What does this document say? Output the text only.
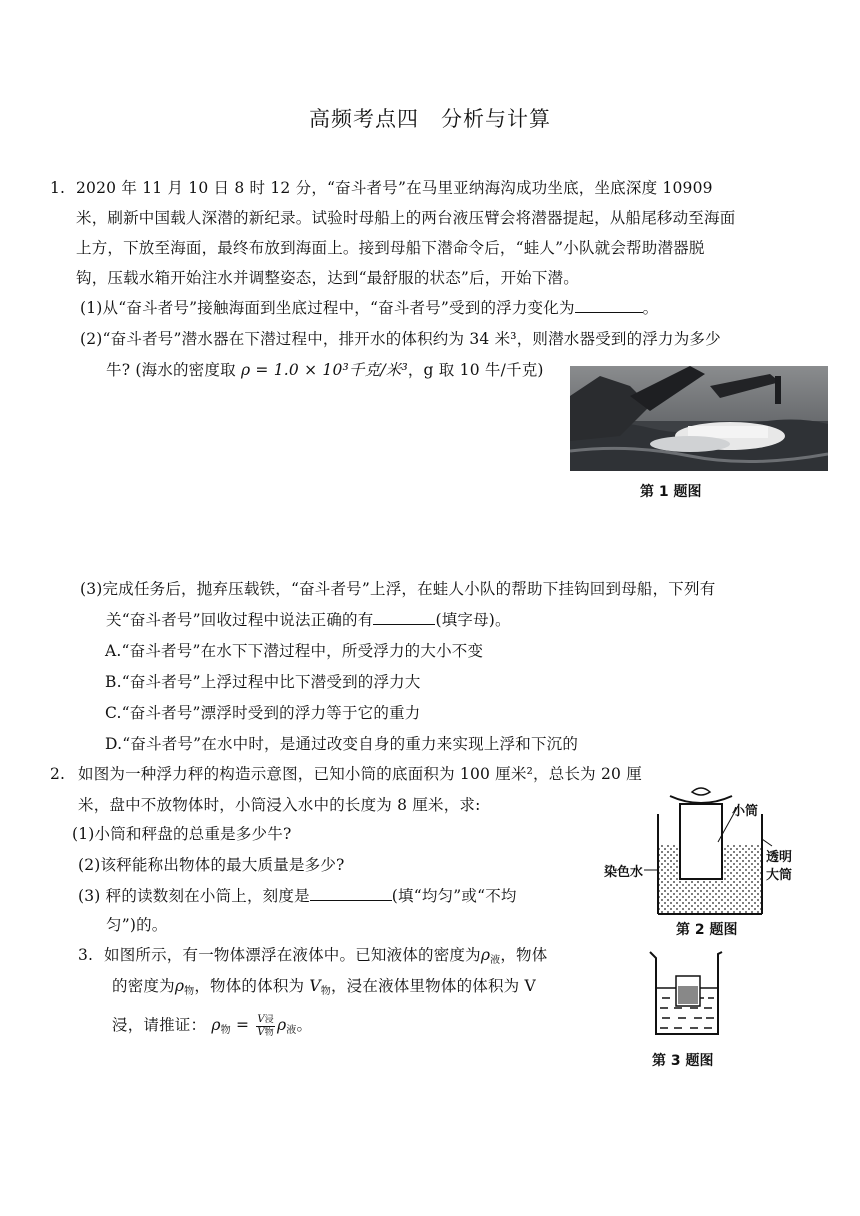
高频考点四　分析与计算
1. 2020 年 11 月 10 日 8 时 12 分，“奋斗者号”在马里亚纳海沟成功坐底，坐底深度 10909
米，刷新中国载人深潜的新纪录。试验时母船上的两台液压臂会将潜器提起，从船尾移动至海面
上方，下放至海面，最终布放到海面上。接到母船下潜命令后，“蛙人”小队就会帮助潜器脱
钩，压载水箱开始注水并调整姿态，达到“最舒服的状态”后，开始下潜。
(1)从“奋斗者号”接触海面到坐底过程中，“奋斗者号”受到的浮力变化为	。
(2)“奋斗者号”潜水器在下潜过程中，排开水的体积约为 34 米³，则潜水器受到的浮力为多少
牛? (海水的密度取 ρ = 1.0 × 10³千克/米³，g 取 10 牛/千克)
第 1 题图
(3)完成任务后，抛弃压载铁，“奋斗者号”上浮，在蛙人小队的帮助下挂钩回到母船，下列有
关“奋斗者号”回收过程中说法正确的有	(填字母)。
A.“奋斗者号”在水下下潜过程中，所受浮力的大小不变
B.“奋斗者号”上浮过程中比下潜受到的浮力大
C.“奋斗者号”漂浮时受到的浮力等于它的重力
D.“奋斗者号”在水中时，是通过改变自身的重力来实现上浮和下沉的
2. 如图为一种浮力秤的构造示意图，已知小筒的底面积为 100 厘米²，总长为 20 厘
米，盘中不放物体时，小筒浸入水中的长度为 8 厘米，求:
(1)小筒和秤盘的总重是多少牛?
(2)该秤能称出物体的最大质量是多少?
(3) 秤的读数刻在小筒上，刻度是	(填“均匀”或“不均
匀”)的。
小筒
染色水
透明
大筒
第 2 题图
3. 如图所示，有一物体漂浮在液体中。已知液体的密度为$\rho_液$，物体
的密度为$\rho_物$，物体的体积为 $V_物$，浸在液体里物体的体积为 V
浸，请推证： $\rho_物 = \frac{\text{V浸}}{\text{V物}} \rho_液$。
第 3 题图
